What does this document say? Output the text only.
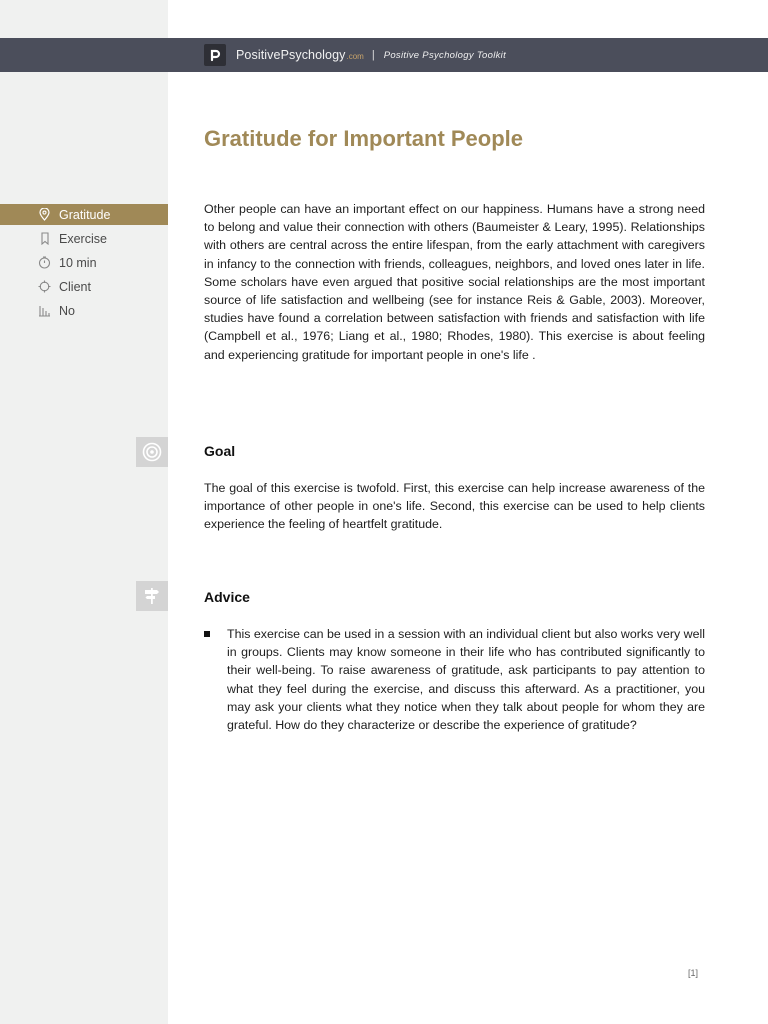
PositivePsychology .com | Positive Psychology Toolkit
Gratitude for Important People
Gratitude
Exercise
10 min
Client
No

Other people can have an important effect on our happiness. Humans have a strong need to belong and value their connection with others (Baumeister & Leary, 1995). Relationships with others are central across the entire lifespan, from the early attachment with caregivers in infancy to the connection with friends, colleagues, neighbors, and loved ones later in life. Some scholars have even argued that positive social relationships are the most important source of life satisfaction and wellbeing (see for instance Reis & Gable, 2003). Moreover, studies have found a correlation between satisfaction with friends and satisfaction with life (Campbell et al., 1976; Liang et al., 1980; Rhodes, 1980). This exercise is about feeling and experiencing gratitude for important people in one's life .

Goal

The goal of this exercise is twofold. First, this exercise can help increase awareness of the importance of other people in one's life. Second, this exercise can be used to help clients experience the feeling of heartfelt gratitude.

Advice
This exercise can be used in a session with an individual client but also works very well in groups. Clients may know someone in their life who has contributed significantly to their well-being. To raise awareness of gratitude, ask participants to pay attention to what they feel during the exercise, and discuss this afterward. As a practitioner, you may ask your clients what they notice when they talk about people for whom they are grateful. How do they characterize or describe the experience of gratitude?
[1]
